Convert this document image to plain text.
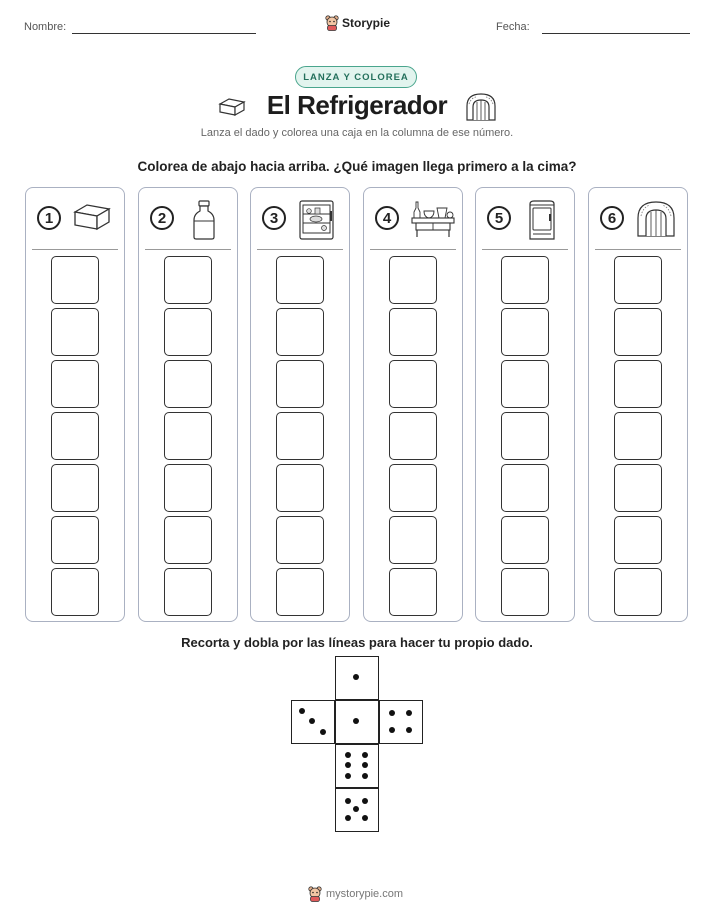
Nombre:	Fecha:
Storypie
LANZA Y COLOREA
El Refrigerador
Lanza el dado y colorea una caja en la columna de ese número.
Colorea de abajo hacia arriba. ¿Qué imagen llega primero a la cima?
1	2	3	4	5	6
Recorta y dobla por las líneas para hacer tu propio dado.
mystorypie.com
